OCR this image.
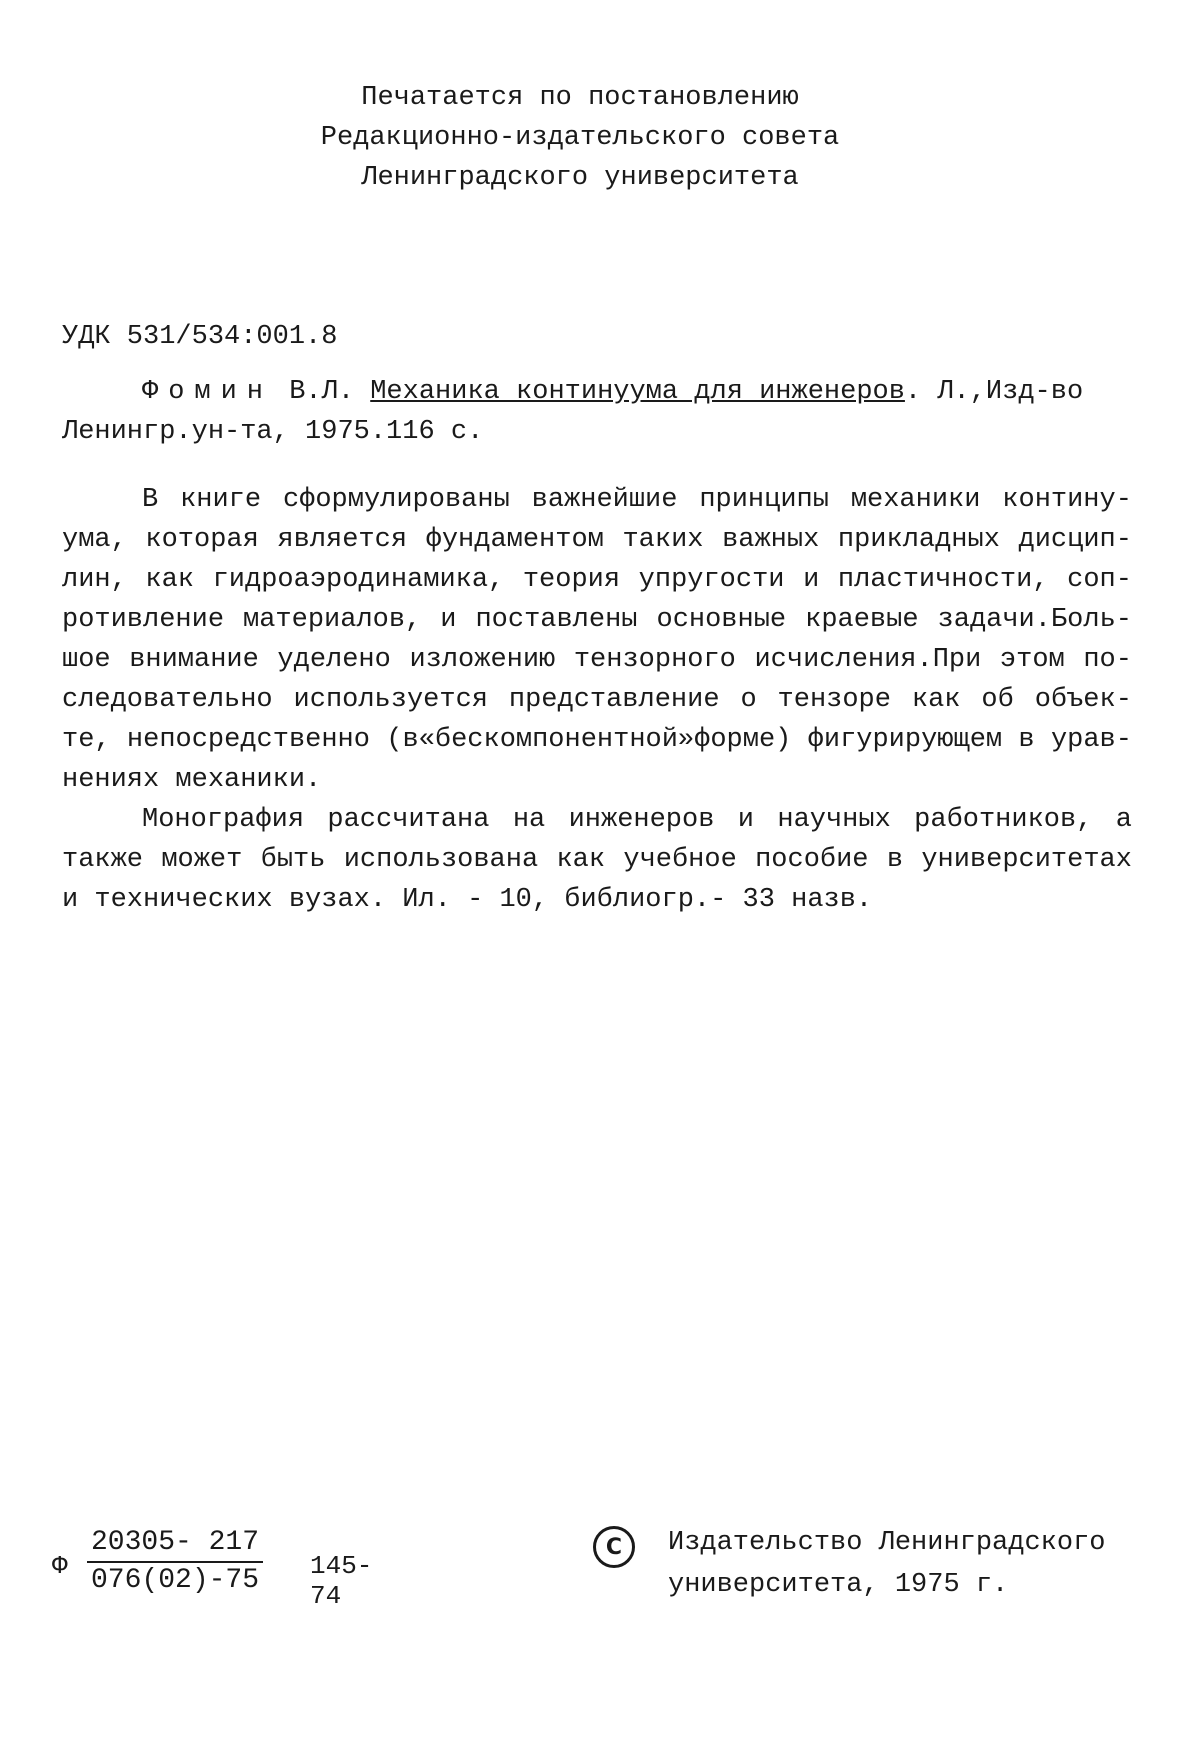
Печатается по постановлению
Редакционно-издательского совета
Ленинградского университета
УДК 531/534:001.8
Фомин В.Л. Механика континуума для инженеров. Л.,Изд-во
Ленингр.ун-та, 1975.116 с.
В книге сформулированы важнейшие принципы механики контину-
ума, которая является фундаментом таких важных прикладных дисцип-
лин, как гидроаэродинамика, теория упругости и пластичности, соп-
ротивление материалов, и поставлены основные краевые задачи.Боль-
шое внимание уделено изложению тензорного исчисления.При этом по-
следовательно используется представление о тензоре как об объек-
те, непосредственно (в«бескомпонентной»форме) фигурирующем в урав-
нениях механики.
Монография рассчитана на инженеров и научных работников, а
также может быть использована как учебное пособие в университетах
и технических вузах. Ил. - 10, библиогр.- 33 назв.
Ф $\frac{20305- 217}{076(02)-75} 145-74$
C	Издательство Ленинградского
университета, 1975 г.
